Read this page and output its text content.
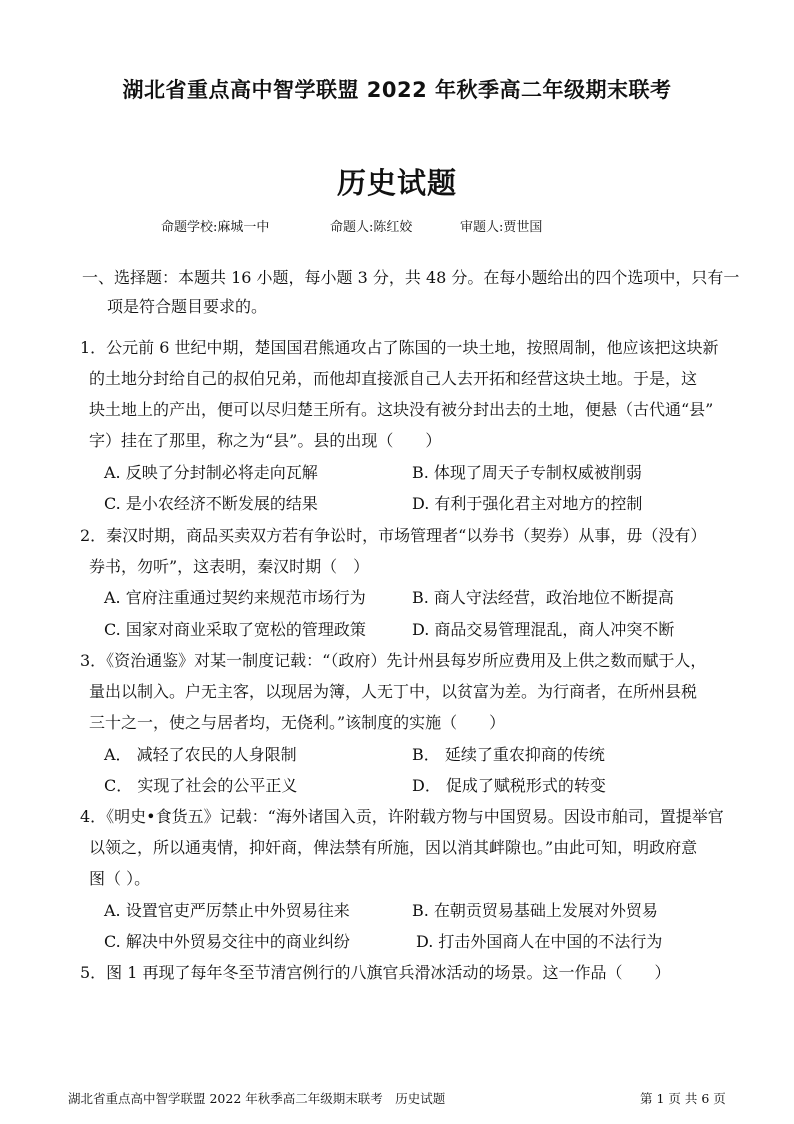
湖北省重点高中智学联盟 2022 年秋季高二年级期末联考
历史试题
命题学校:麻城一中	命题人:陈红姣	审题人:贾世国
一、选择题：本题共 16 小题，每小题 3 分，共 48 分。在每小题给出的四个选项中，只有一
项是符合题目要求的。
1．公元前 6 世纪中期，楚国国君熊通攻占了陈国的一块土地，按照周制，他应该把这块新
的土地分封给自己的叔伯兄弟，而他却直接派自己人去开拓和经营这块土地。于是，这
块土地上的产出，便可以尽归楚王所有。这块没有被分封出去的土地，便悬（古代通“县”
字）挂在了那里，称之为“县”。县的出现（　　）
A. 反映了分封制必将走向瓦解	B. 体现了周天子专制权威被削弱
C. 是小农经济不断发展的结果	D. 有利于强化君主对地方的控制
2．秦汉时期，商品买卖双方若有争讼时，市场管理者“以券书（契券）从事，毋（没有）
券书，勿听”，这表明，秦汉时期（　）
A. 官府注重通过契约来规范市场行为	B. 商人守法经营，政治地位不断提高
C. 国家对商业采取了宽松的管理政策	D. 商品交易管理混乱，商人冲突不断
3．《资治通鉴》对某一制度记载：“（政府）先计州县每岁所应费用及上供之数而赋于人，
量出以制入。户无主客，以现居为簿，人无丁中，以贫富为差。为行商者，在所州县税
三十之一，使之与居者均，无侥利。”该制度的实施（　　）
A． 减轻了农民的人身限制	B． 延续了重农抑商的传统
C． 实现了社会的公平正义	D． 促成了赋税形式的转变
4．《明史•食货五》记载：“海外诸国入贡，许附载方物与中国贸易。因设市舶司，置提举官
以领之，所以通夷情，抑奸商，俾法禁有所施，因以消其衅隙也。”由此可知，明政府意
图（ ）。
A. 设置官吏严厉禁止中外贸易往来	B. 在朝贡贸易基础上发展对外贸易
C. 解决中外贸易交往中的商业纠纷	D. 打击外国商人在中国的不法行为
5．图 1 再现了每年冬至节清宫例行的八旗官兵滑冰活动的场景。这一作品（　　）
湖北省重点高中智学联盟 2022 年秋季高二年级期末联考　历史试题	第 1 页 共 6 页
